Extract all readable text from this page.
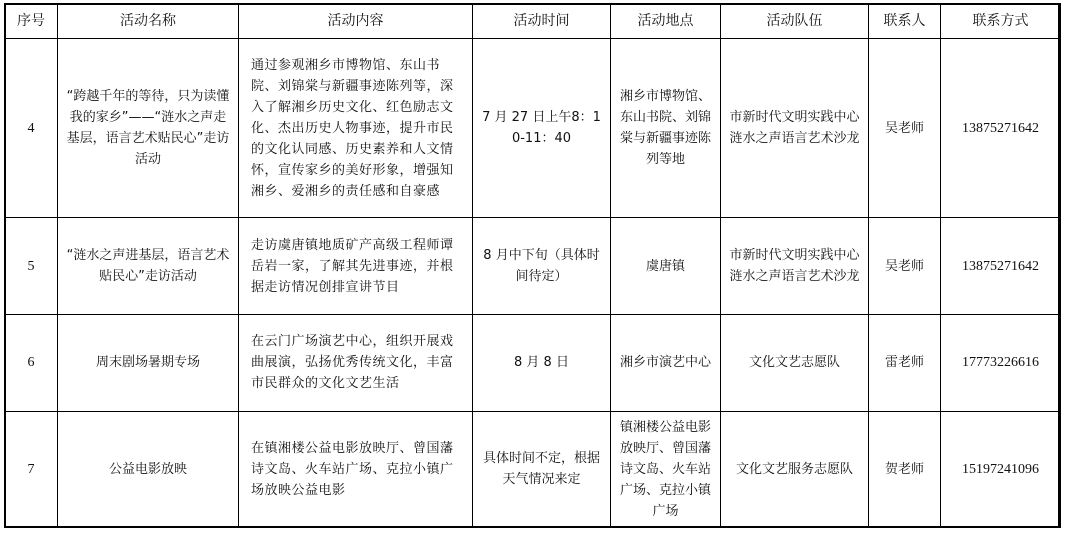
序号	活动名称	活动内容	活动时间	活动地点	活动队伍	联系人	联系方式
4	“跨越千年的等待，只为读懂我的家乡”——“涟水之声走基层，语言艺术贴民心”走访活动	通过参观湘乡市博物馆、东山书院、刘锦棠与新疆事迹陈列等，深入了解湘乡历史文化、红色励志文化、杰出历史人物事迹，提升市民的文化认同感、历史素养和人文情怀，宣传家乡的美好形象，增强知湘乡、爱湘乡的责任感和自豪感	7 月 27 日上午8：10-11：40	湘乡市博物馆、东山书院、刘锦棠与新疆事迹陈列等地	市新时代文明实践中心涟水之声语言艺术沙龙	吴老师	13875271642
5	“涟水之声进基层，语言艺术贴民心”走访活动	走访虞唐镇地质矿产高级工程师谭岳岩一家，了解其先进事迹，并根据走访情况创排宣讲节目	8 月中下旬（具体时间待定）	虞唐镇	市新时代文明实践中心涟水之声语言艺术沙龙	吴老师	13875271642
6	周末剧场暑期专场	在云门广场演艺中心，组织开展戏曲展演，弘扬优秀传统文化，丰富市民群众的文化文艺生活	8 月 8 日	湘乡市演艺中心	文化文艺志愿队	雷老师	17773226616
7	公益电影放映	在镇湘楼公益电影放映厅、曾国藩诗文岛、火车站广场、克拉小镇广场放映公益电影	具体时间不定，根据天气情况来定	镇湘楼公益电影放映厅、曾国藩诗文岛、火车站广场、克拉小镇广场	文化文艺服务志愿队	贺老师	15197241096
